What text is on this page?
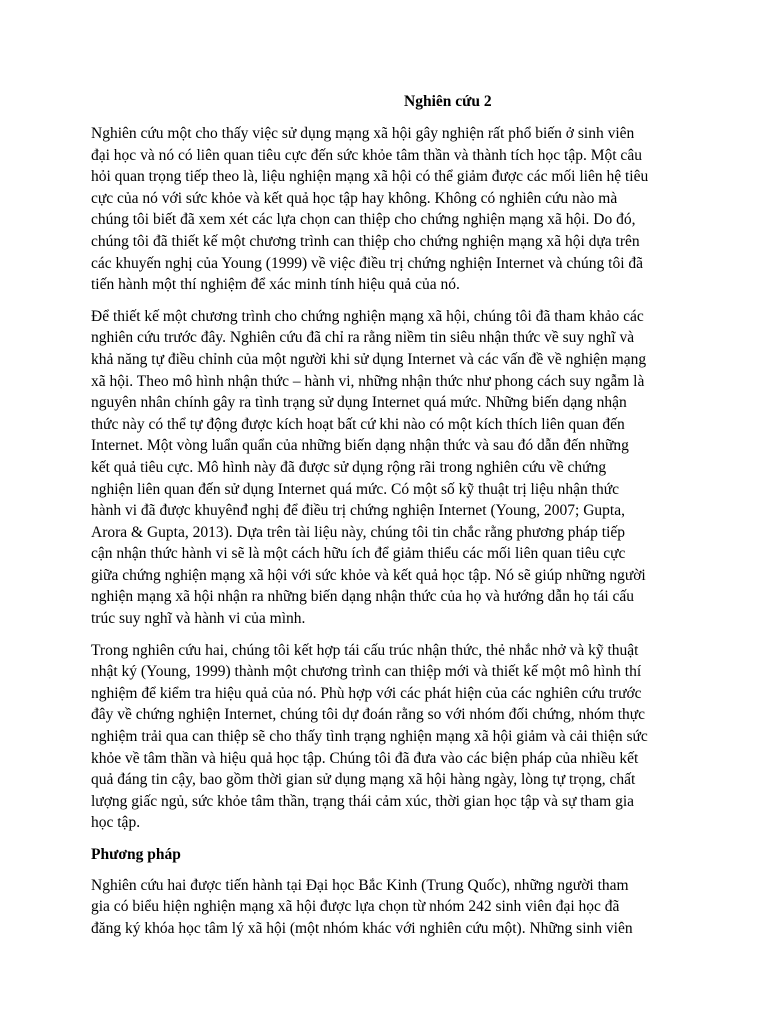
Nghiên cứu 2

Nghiên cứu một cho thấy việc sử dụng mạng xã hội gây nghiện rất phổ biến ở sinh viên
đại học và nó có liên quan tiêu cực đến sức khỏe tâm thần và thành tích học tập. Một câu
hỏi quan trọng tiếp theo là, liệu nghiện mạng xã hội có thể giảm được các mối liên hệ tiêu
cực của nó với sức khỏe và kết quả học tập hay không. Không có nghiên cứu nào mà
chúng tôi biết đã xem xét các lựa chọn can thiệp cho chứng nghiện mạng xã hội. Do đó,
chúng tôi đã thiết kế một chương trình can thiệp cho chứng nghiện mạng xã hội dựa trên
các khuyến nghị của Young (1999) về việc điều trị chứng nghiện Internet và chúng tôi đã
tiến hành một thí nghiệm để xác minh tính hiệu quả của nó.

Để thiết kế một chương trình cho chứng nghiện mạng xã hội, chúng tôi đã tham khảo các
nghiên cứu trước đây. Nghiên cứu đã chỉ ra rằng niềm tin siêu nhận thức về suy nghĩ và
khả năng tự điều chỉnh của một người khi sử dụng Internet và các vấn đề về nghiện mạng
xã hội. Theo mô hình nhận thức – hành vi, những nhận thức như phong cách suy ngẫm là
nguyên nhân chính gây ra tình trạng sử dụng Internet quá mức. Những biến dạng nhận
thức này có thể tự động được kích hoạt bất cứ khi nào có một kích thích liên quan đến
Internet. Một vòng luẩn quẩn của những biến dạng nhận thức và sau đó dẫn đến những
kết quả tiêu cực. Mô hình này đã được sử dụng rộng rãi trong nghiên cứu về chứng
nghiện liên quan đến sử dụng Internet quá mức. Có một số kỹ thuật trị liệu nhận thức
hành vi đã được khuyênđ nghị để điều trị chứng nghiện Internet (Young, 2007; Gupta,
Arora & Gupta, 2013). Dựa trên tài liệu này, chúng tôi tin chắc rằng phương pháp tiếp
cận nhận thức hành vi sẽ là một cách hữu ích để giảm thiểu các mối liên quan tiêu cực
giữa chứng nghiện mạng xã hội với sức khỏe và kết quả học tập. Nó sẽ giúp những người
nghiện mạng xã hội nhận ra những biến dạng nhận thức của họ và hướng dẫn họ tái cấu
trúc suy nghĩ và hành vi của mình.

Trong nghiên cứu hai, chúng tôi kết hợp tái cấu trúc nhận thức, thẻ nhắc nhở và kỹ thuật
nhật ký (Young, 1999) thành một chương trình can thiệp mới và thiết kế một mô hình thí
nghiệm để kiểm tra hiệu quả của nó. Phù hợp với các phát hiện của các nghiên cứu trước
đây về chứng nghiện Internet, chúng tôi dự đoán rằng so với nhóm đối chứng, nhóm thực
nghiệm trải qua can thiệp sẽ cho thấy tình trạng nghiện mạng xã hội giảm và cải thiện sức
khỏe về tâm thần và hiệu quả học tập. Chúng tôi đã đưa vào các biện pháp của nhiều kết
quả đáng tin cậy, bao gồm thời gian sử dụng mạng xã hội hàng ngày, lòng tự trọng, chất
lượng giấc ngủ, sức khỏe tâm thần, trạng thái cảm xúc, thời gian học tập và sự tham gia
học tập.

Phương pháp

Nghiên cứu hai được tiến hành tại Đại học Bắc Kinh (Trung Quốc), những người tham
gia có biểu hiện nghiện mạng xã hội được lựa chọn từ nhóm 242 sinh viên đại học đã
đăng ký khóa học tâm lý xã hội (một nhóm khác với nghiên cứu một). Những sinh viên
